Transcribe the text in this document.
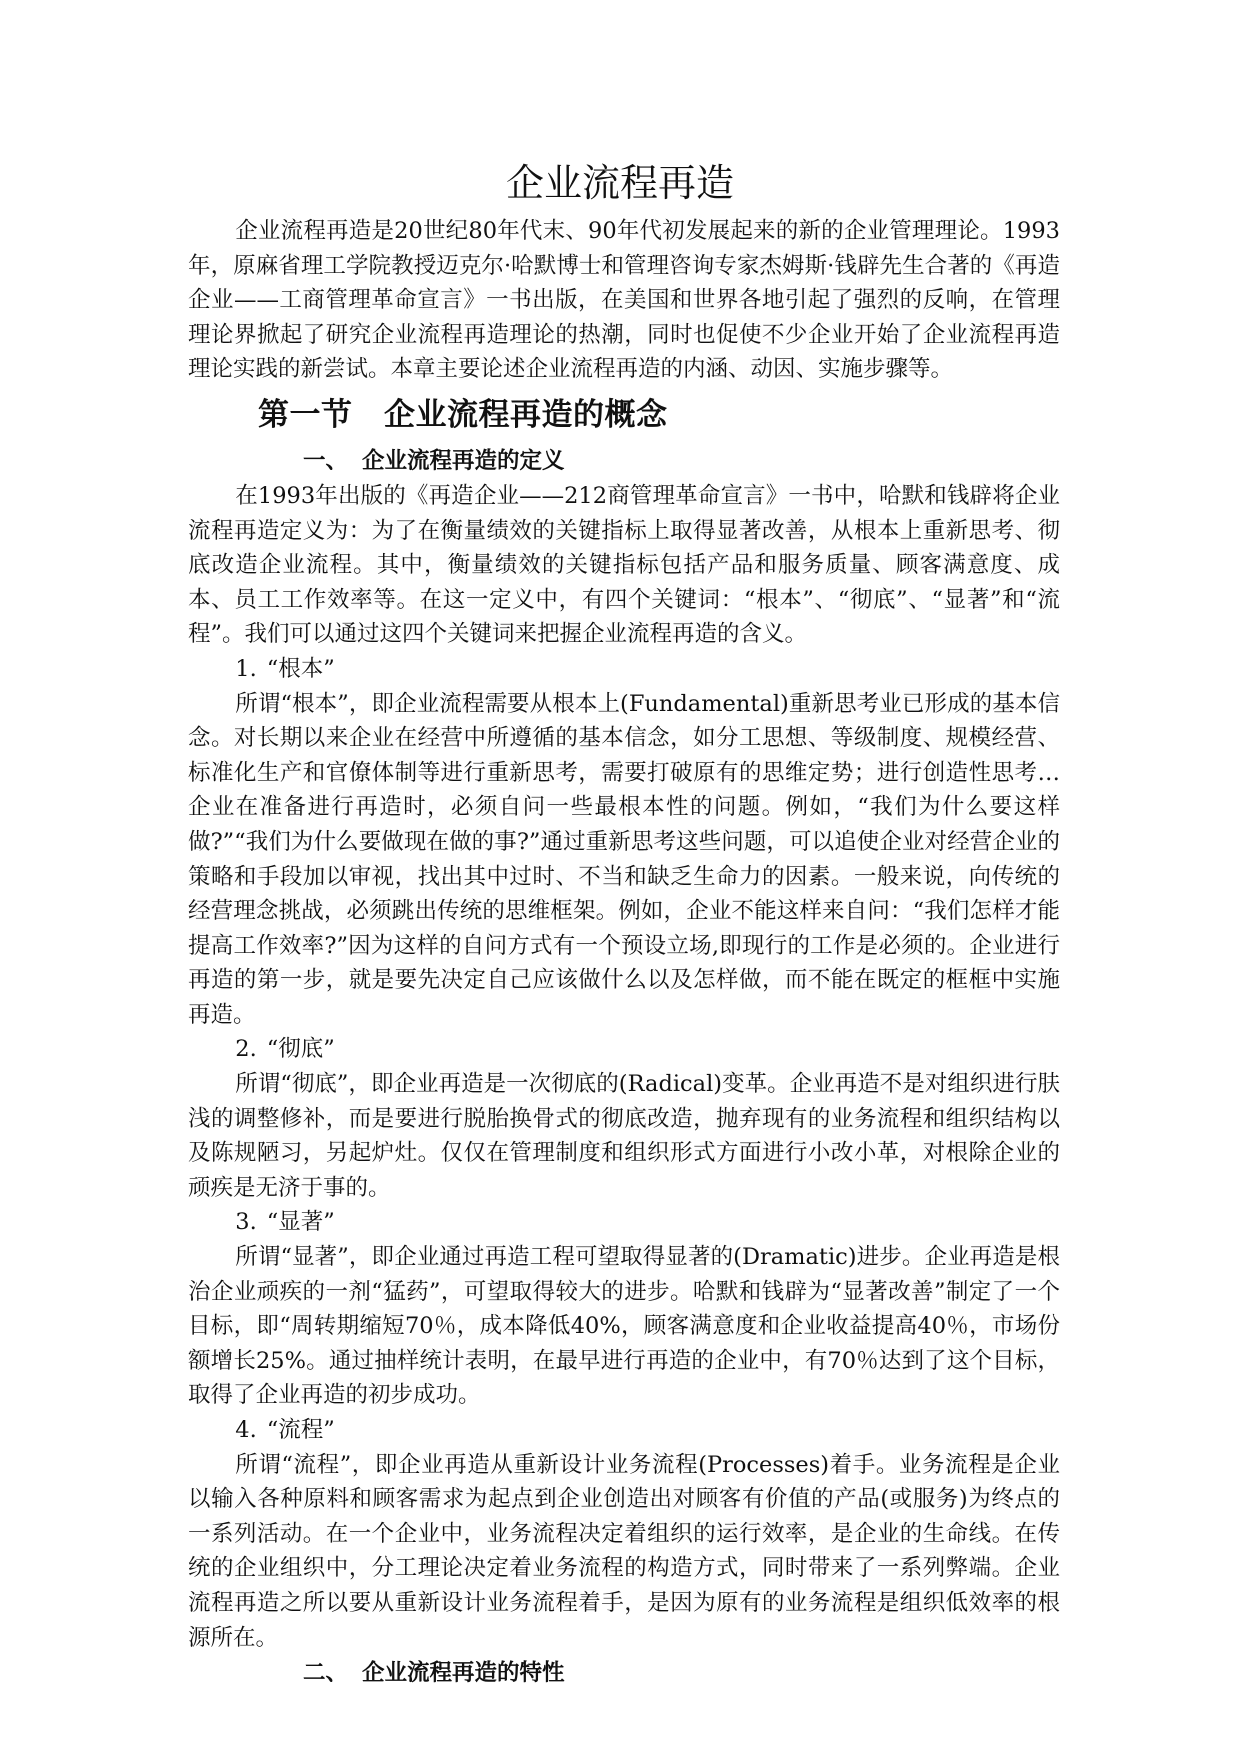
企业流程再造

企业流程再造是20世纪80年代末、90年代初发展起来的新的企业管理理论。1993年，原麻省理工学院教授迈克尔·哈默博士和管理咨询专家杰姆斯·钱辟先生合著的《再造企业——工商管理革命宣言》一书出版，在美国和世界各地引起了强烈的反响，在管理理论界掀起了研究企业流程再造理论的热潮，同时也促使不少企业开始了企业流程再造理论实践的新尝试。本章主要论述企业流程再造的内涵、动因、实施步骤等。

第一节　企业流程再造的概念
一、 企业流程再造的定义

在1993年出版的《再造企业——212商管理革命宣言》一书中，哈默和钱辟将企业流程再造定义为：为了在衡量绩效的关键指标上取得显著改善，从根本上重新思考、彻底改造企业流程。其中，衡量绩效的关键指标包括产品和服务质量、顾客满意度、成本、员工工作效率等。在这一定义中，有四个关键词：“根本”、“彻底”、“显著”和“流程”。我们可以通过这四个关键词来把握企业流程再造的含义。

1. “根本”

所谓“根本”，即企业流程需要从根本上(Fundamental)重新思考业已形成的基本信念。对长期以来企业在经营中所遵循的基本信念，如分工思想、等级制度、规模经营、标准化生产和官僚体制等进行重新思考，需要打破原有的思维定势；进行创造性思考…企业在准备进行再造时，必须自问一些最根本性的问题。例如，“我们为什么要这样做?”“我们为什么要做现在做的事?”通过重新思考这些问题，可以追使企业对经营企业的策略和手段加以审视，找出其中过时、不当和缺乏生命力的因素。一般来说，向传统的经营理念挑战，必须跳出传统的思维框架。例如，企业不能这样来自问：“我们怎样才能提高工作效率?”因为这样的自问方式有一个预设立场,即现行的工作是必须的。企业进行再造的第一步，就是要先决定自己应该做什么以及怎样做，而不能在既定的框框中实施再造。

2. “彻底”

所谓“彻底”，即企业再造是一次彻底的(Radical)变革。企业再造不是对组织进行肤浅的调整修补，而是要进行脱胎换骨式的彻底改造，抛弃现有的业务流程和组织结构以及陈规陋习，另起炉灶。仅仅在管理制度和组织形式方面进行小改小革，对根除企业的顽疾是无济于事的。

3. “显著”

所谓“显著”，即企业通过再造工程可望取得显著的(Dramatic)进步。企业再造是根治企业顽疾的一剂“猛药”，可望取得较大的进步。哈默和钱辟为“显著改善”制定了一个目标，即“周转期缩短70％，成本降低40%，顾客满意度和企业收益提高40％，市场份额增长25%。通过抽样统计表明，在最早进行再造的企业中，有70％达到了这个目标，取得了企业再造的初步成功。

4. “流程”

所谓“流程”，即企业再造从重新设计业务流程(Processes)着手。业务流程是企业以输入各种原料和顾客需求为起点到企业创造出对顾客有价值的产品(或服务)为终点的一系列活动。在一个企业中，业务流程决定着组织的运行效率，是企业的生命线。在传统的企业组织中，分工理论决定着业务流程的构造方式，同时带来了一系列弊端。企业流程再造之所以要从重新设计业务流程着手，是因为原有的业务流程是组织低效率的根源所在。

二、 企业流程再造的特性
